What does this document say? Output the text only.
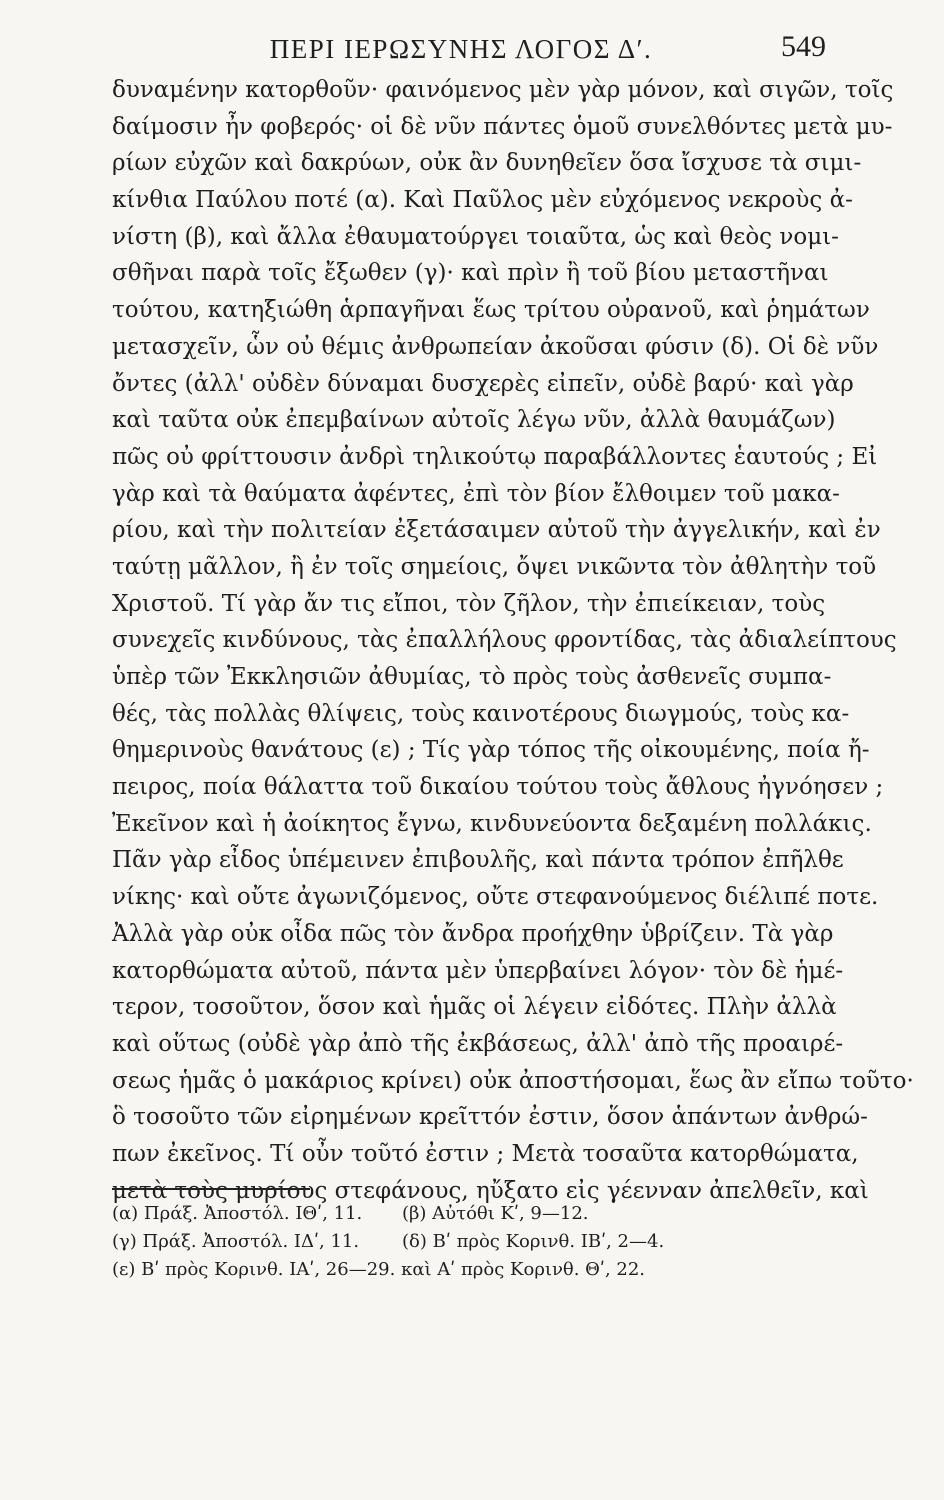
ΠΕΡΙ ΙΕΡΩΣΥΝΗΣ ΛΟΓΟΣ Δʹ.	549
δυναμένην κατορθοῦν· φαινόμενος μὲν γὰρ μόνον, καὶ σιγῶν, τοῖς
δαίμοσιν ἦν φοβερός· οἱ δὲ νῦν πάντες ὁμοῦ συνελθόντες μετὰ μυ-
ρίων εὐχῶν καὶ δακρύων, οὐκ ἂν δυνηθεῖεν ὅσα ἴσχυσε τὰ σιμι-
κίνθια Παύλου ποτέ (α). Καὶ Παῦλος μὲν εὐχόμενος νεκροὺς ἀ-
νίστη (β), καὶ ἄλλα ἐθαυματούργει τοιαῦτα, ὡς καὶ θεὸς νομι-
σθῆναι παρὰ τοῖς ἔξωθεν (γ)· καὶ πρὶν ἢ τοῦ βίου μεταστῆναι
τούτου, κατηξιώθη ἁρπαγῆναι ἕως τρίτου οὐρανοῦ, καὶ ῥημάτων
μετασχεῖν, ὧν οὐ θέμις ἀνθρωπείαν ἀκοῦσαι φύσιν (δ). Οἱ δὲ νῦν
ὄντες (ἀλλ' οὐδὲν δύναμαι δυσχερὲς εἰπεῖν, οὐδὲ βαρύ· καὶ γὰρ
καὶ ταῦτα οὐκ ἐπεμβαίνων αὐτοῖς λέγω νῦν, ἀλλὰ θαυμάζων)
πῶς οὐ φρίττουσιν ἀνδρὶ τηλικούτῳ παραβάλλοντες ἑαυτούς ; Εἰ
γὰρ καὶ τὰ θαύματα ἀφέντες, ἐπὶ τὸν βίον ἔλθοιμεν τοῦ μακα-
ρίου, καὶ τὴν πολιτείαν ἐξετάσαιμεν αὐτοῦ τὴν ἀγγελικήν, καὶ ἐν
ταύτῃ μᾶλλον, ἢ ἐν τοῖς σημείοις, ὄψει νικῶντα τὸν ἀθλητὴν τοῦ
Χριστοῦ. Τί γὰρ ἄν τις εἴποι, τὸν ζῆλον, τὴν ἐπιείκειαν, τοὺς
συνεχεῖς κινδύνους, τὰς ἐπαλλήλους φροντίδας, τὰς ἀδιαλείπτους
ὑπὲρ τῶν Ἐκκλησιῶν ἀθυμίας, τὸ πρὸς τοὺς ἀσθενεῖς συμπα-
θές, τὰς πολλὰς θλίψεις, τοὺς καινοτέρους διωγμούς, τοὺς κα-
θημερινοὺς θανάτους (ε) ; Τίς γὰρ τόπος τῆς οἰκουμένης, ποία ἤ-
πειρος, ποία θάλαττα τοῦ δικαίου τούτου τοὺς ἄθλους ἠγνόησεν ;
Ἐκεῖνον καὶ ἡ ἀοίκητος ἔγνω, κινδυνεύοντα δεξαμένη πολλάκις.
Πᾶν γὰρ εἶδος ὑπέμεινεν ἐπιβουλῆς, καὶ πάντα τρόπον ἐπῆλθε
νίκης· καὶ οὔτε ἀγωνιζόμενος, οὔτε στεφανούμενος διέλιπέ ποτε.
Ἀλλὰ γὰρ οὐκ οἶδα πῶς τὸν ἄνδρα προήχθην ὑβρίζειν. Τὰ γὰρ
κατορθώματα αὐτοῦ, πάντα μὲν ὑπερβαίνει λόγον· τὸν δὲ ἡμέ-
τερον, τοσοῦτον, ὅσον καὶ ἡμᾶς οἱ λέγειν εἰδότες. Πλὴν ἀλλὰ
καὶ οὕτως (οὐδὲ γὰρ ἀπὸ τῆς ἐκβάσεως, ἀλλ' ἀπὸ τῆς προαιρέ-
σεως ἡμᾶς ὁ μακάριος κρίνει) οὐκ ἀποστήσομαι, ἕως ἂν εἴπω τοῦτο·
ὃ τοσοῦτο τῶν εἰρημένων κρεῖττόν ἐστιν, ὅσον ἁπάντων ἀνθρώ-
πων ἐκεῖνος. Τί οὖν τοῦτό ἐστιν ; Μετὰ τοσαῦτα κατορθώματα,
μετὰ τοὺς μυρίους στεφάνους, ηὔξατο εἰς γέενναν ἀπελθεῖν, καὶ
(α) Πράξ. Ἀποστόλ. ΙΘʹ, 11. (β) Αὐτόθι Κʹ, 9—12.
(γ) Πράξ. Ἀποστόλ. ΙΔʹ, 11. (δ) Βʹ πρὸς Κορινθ. ΙΒʹ, 2—4.
(ε) Βʹ πρὸς Κορινθ. ΙΑʹ, 26—29. καὶ Αʹ πρὸς Κορινθ. Θʹ, 22.
